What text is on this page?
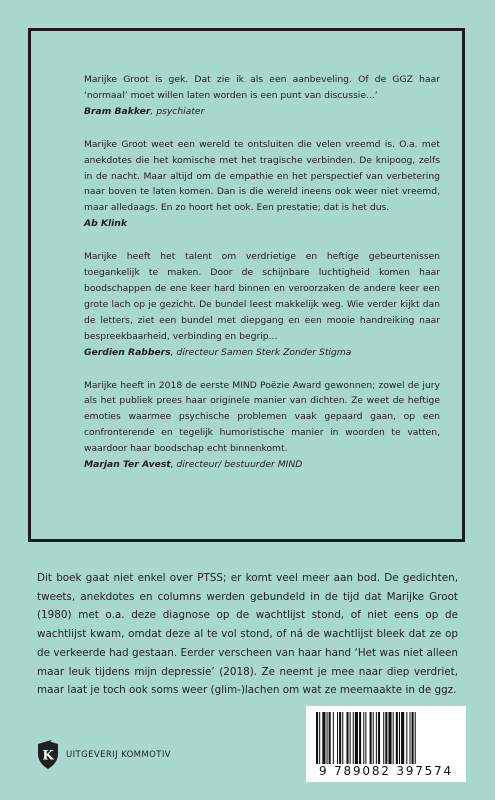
Marijke Groot is gek. Dat zie ik als een aanbeveling. Of de GGZ haar ‘normaal’ moet willen laten worden is een punt van discussie...’

Bram Bakker, psychiater

Marijke Groot weet een wereld te ontsluiten die velen vreemd is. O.a. met anekdotes die het komische met het tragische verbinden. De knipoog, zelfs in de nacht. Maar altijd om de empathie en het perspectief van verbetering naar boven te laten komen. Dan is die wereld ineens ook weer niet vreemd, maar alledaags. En zo hoort het ook. Een prestatie; dat is het dus.

Ab Klink

Marijke heeft het talent om verdrietige en heftige gebeurtenissen toegankelijk te maken. Door de schijnbare luchtigheid komen haar boodschappen de ene keer hard binnen en veroorzaken de andere keer een grote lach op je gezicht. De bundel leest makkelijk weg. Wie verder kijkt dan de letters, ziet een bundel met diepgang en een mooie handreiking naar bespreekbaarheid, verbinding en begrip...

Gerdien Rabbers, directeur Samen Sterk Zonder Stigma

Marijke heeft in 2018 de eerste MIND Poëzie Award gewonnen; zowel de jury als het publiek prees haar originele manier van dichten. Ze weet de heftige emoties waarmee psychische problemen vaak gepaard gaan, op een confronterende en tegelijk humoristische manier in woorden te vatten, waardoor haar boodschap echt binnenkomt.

Marjan Ter Avest, directeur/ bestuurder MIND

Dit boek gaat niet enkel over PTSS; er komt veel meer aan bod. De gedichten, tweets, anekdotes en columns werden gebundeld in de tijd dat Marijke Groot (1980) met o.a. deze diagnose op de wachtlijst stond, of niet eens op de wachtlijst kwam, omdat deze al te vol stond, of ná de wachtlijst bleek dat ze op de verkeerde had gestaan. Eerder verscheen van haar hand ‘Het was niet alleen maar leuk tijdens mijn depressie’ (2018). Ze neemt je mee naar diep verdriet, maar laat je toch ook soms weer (glim-)lachen om wat ze meemaakte in de ggz.

K UITGEVERIJ KOMMOTIV
9 789082 397574
